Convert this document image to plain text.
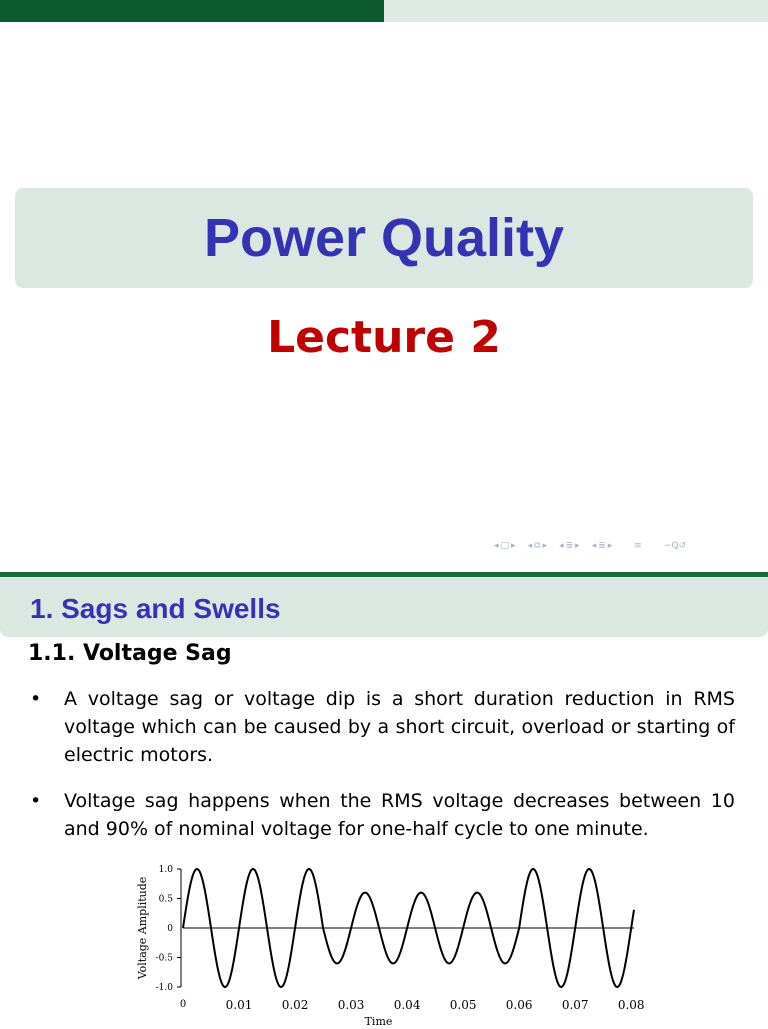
Power Quality
Lecture 2
◂ □ ▸ ◂ ⧉ ▸ ◂ ≣ ▸ ◂ ≣ ▸ ≡ ∽Ꝗ↺
1. Sags and Swells
1.1. Voltage Sag
• A voltage sag or voltage dip is a short duration reduction in RMS voltage which can be caused by a short circuit, overload or starting of electric motors.
• Voltage sag happens when the RMS voltage decreases between 10 and 90% of nominal voltage for one-half cycle to one minute.
1.0
0.5
0
-0.5
-1.0
0	0.01 0.02 0.03 0.04 0.05 0.06 0.07 0.08
Voltage Amplitude
Time
